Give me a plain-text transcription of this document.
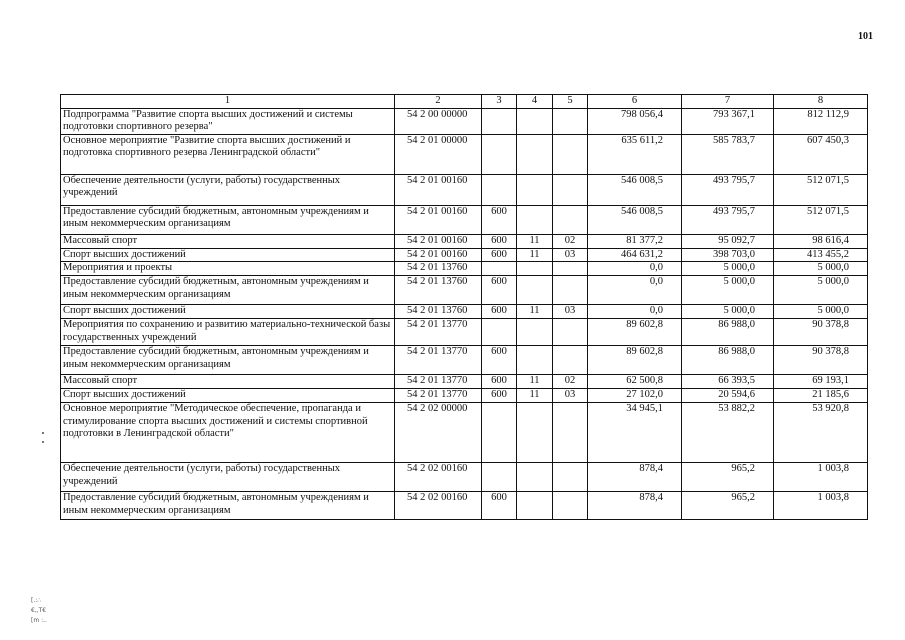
101
1	2	3	4	5	6	7	8
Подпрограмма "Развитие спорта высших достижений и системы подготовки спортивного резерва"	54 2 00 00000				798 056,4	793 367,1	812 112,9
Основное мероприятие "Развитие спорта высших достижений и подготовка спортивного резерва Ленинградской области"	54 2 01 00000				635 611,2	585 783,7	607 450,3
Обеспечение деятельности (услуги, работы) государственных учреждений	54 2 01 00160				546 008,5	493 795,7	512 071,5
Предоставление субсидий бюджетным, автономным учреждениям и иным некоммерческим организациям	54 2 01 00160	600			546 008,5	493 795,7	512 071,5
Массовый спорт	54 2 01 00160	600	11	02	81 377,2	95 092,7	98 616,4
Спорт высших достижений	54 2 01 00160	600	11	03	464 631,2	398 703,0	413 455,2
Мероприятия и проекты	54 2 01 13760				0,0	5 000,0	5 000,0
Предоставление субсидий бюджетным, автономным учреждениям и иным некоммерческим организациям	54 2 01 13760	600			0,0	5 000,0	5 000,0
Спорт высших достижений	54 2 01 13760	600	11	03	0,0	5 000,0	5 000,0
Мероприятия по сохранению и развитию материально-технической базы государственных учреждений	54 2 01 13770				89 602,8	86 988,0	90 378,8
Предоставление субсидий бюджетным, автономным учреждениям и иным некоммерческим организациям	54 2 01 13770	600			89 602,8	86 988,0	90 378,8
Массовый спорт	54 2 01 13770	600	11	02	62 500,8	66 393,5	69 193,1
Спорт высших достижений	54 2 01 13770	600	11	03	27 102,0	20 594,6	21 185,6
Основное мероприятие "Методическое обеспечение, пропаганда и стимулирование спорта высших достижений и системы спортивной подготовки в Ленинградской области"	54 2 02 00000				34 945,1	53 882,2	53 920,8
Обеспечение деятельности (услуги, работы) государственных учреждений	54 2 02 00160				878,4	965,2	1 003,8
Предоставление субсидий бюджетным, автономным учреждениям и иным некоммерческим организациям	54 2 02 00160	600			878,4	965,2	1 003,8
[.:∴
€,,Т€
[m :..
